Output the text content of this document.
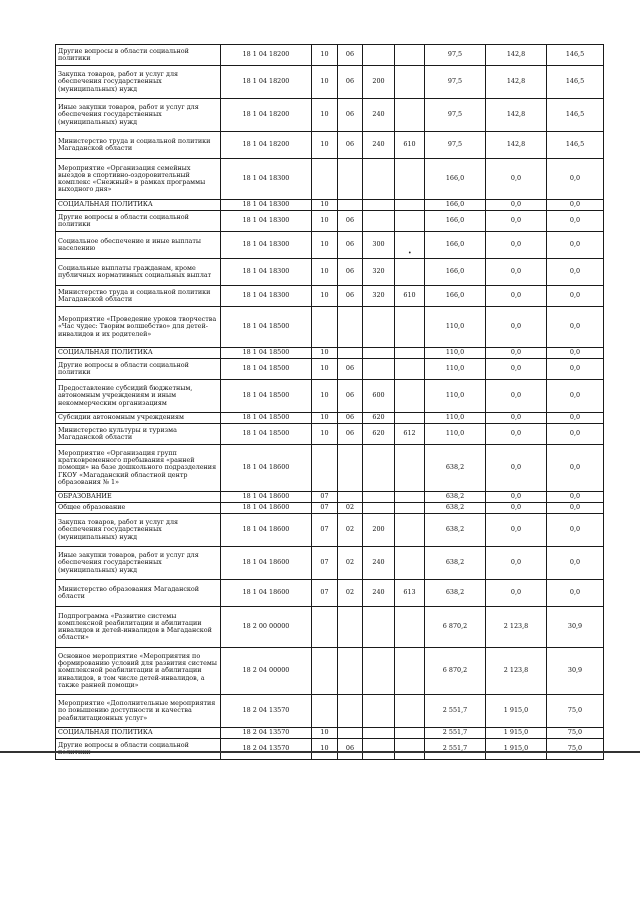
Другие вопросы в области социальной политики	18 1 04 18200	10	06			97,5	142,8	146,5
Закупка товаров, работ и услуг для обеспечения государственных (муниципальных) нужд	18 1 04 18200	10	06	200		97,5	142,8	146,5
Иные закупки товаров, работ и услуг для обеспечения государственных (муниципальных) нужд	18 1 04 18200	10	06	240		97,5	142,8	146,5
Министерство труда и социальной политики Магаданской области	18 1 04 18200	10	06	240	610	97,5	142,8	146,5
Мероприятие «Организация семейных выездов в спортивно-оздоровительный комплекс «Снежный» в рамках программы выходного дня»	18 1 04 18300					166,0	0,0	0,0
СОЦИАЛЬНАЯ ПОЛИТИКА	18 1 04 18300	10				166,0	0,0	0,0
Другие вопросы в области социальной политики	18 1 04 18300	10	06			166,0	0,0	0,0
Социальное обеспечение и иные выплаты населению	18 1 04 18300	10	06	300		166,0	0,0	0,0
Социальные выплаты гражданам, кроме публичных нормативных социальных выплат	18 1 04 18300	10	06	320		166,0	0,0	0,0
Министерство труда и социальной политики Магаданской области	18 1 04 18300	10	06	320	610	166,0	0,0	0,0
Мероприятие «Проведение уроков творчества «Час чудес: Творим волшебство» для детей-инвалидов и их родителей»	18 1 04 18500					110,0	0,0	0,0
СОЦИАЛЬНАЯ ПОЛИТИКА	18 1 04 18500	10				110,0	0,0	0,0
Другие вопросы в области социальной политики	18 1 04 18500	10	06			110,0	0,0	0,0
Предоставление субсидий бюджетным, автономным учреждениям и иным некоммерческим организациям	18 1 04 18500	10	06	600		110,0	0,0	0,0
Субсидии автономным учреждениям	18 1 04 18500	10	06	620		110,0	0,0	0,0
Министерство культуры и туризма Магаданской области	18 1 04 18500	10	06	620	612	110,0	0,0	0,0
Мероприятие «Организация групп кратковременного пребывания «ранней помощи» на базе дошкольного подразделения ГКОУ «Магаданский областной центр образования № 1»	18 1 04 18600					638,2	0,0	0,0
ОБРАЗОВАНИЕ	18 1 04 18600	07				638,2	0,0	0,0
Общее образование	18 1 04 18600	07	02			638,2	0,0	0,0
Закупка товаров, работ и услуг для обеспечения государственных (муниципальных) нужд	18 1 04 18600	07	02	200		638,2	0,0	0,0
Иные закупки товаров, работ и услуг для обеспечения государственных (муниципальных) нужд	18 1 04 18600	07	02	240		638,2	0,0	0,0
Министерство образования Магаданской области	18 1 04 18600	07	02	240	613	638,2	0,0	0,0
Подпрограмма «Развитие системы комплексной реабилитации и абилитации инвалидов и детей-инвалидов в Магаданской области»	18 2 00 00000					6 870,2	2 123,8	30,9
Основное мероприятие «Мероприятия по формированию условий для развития системы комплексной реабилитации и абилитации инвалидов, в том числе детей-инвалидов, а также ранней помощи»	18 2 04 00000					6 870,2	2 123,8	30,9
Мероприятие «Дополнительные мероприятия по повышению доступности и качества реабилитационных услуг»	18 2 04 13570					2 551,7	1 915,0	75,0
СОЦИАЛЬНАЯ ПОЛИТИКА	18 2 04 13570	10				2 551,7	1 915,0	75,0
Другие вопросы в области социальной политики	18 2 04 13570	10	06			2 551,7	1 915,0	75,0
•
